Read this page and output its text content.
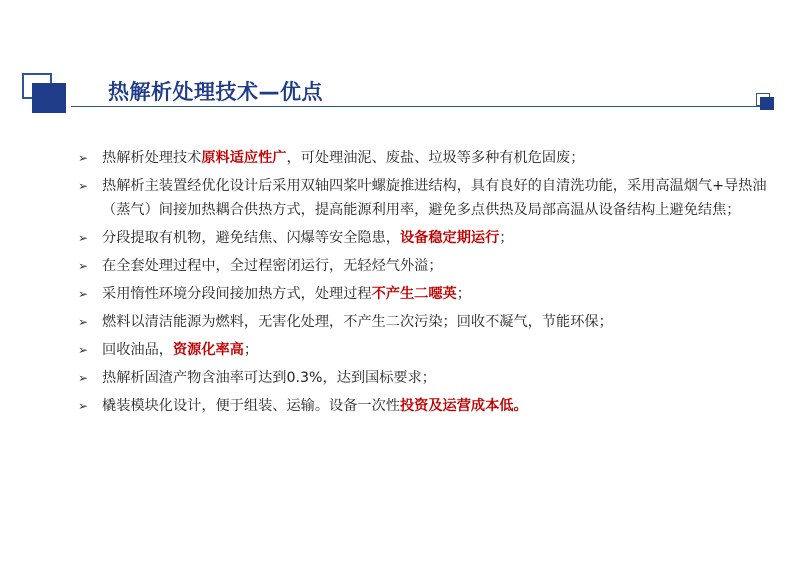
热解析处理技术—优点
➢ 热解析处理技术原料适应性广，可处理油泥、废盐、垃圾等多种有机危固废；
➢ 热解析主装置经优化设计后采用双轴四桨叶螺旋推进结构，具有良好的自清洗功能，采用高温烟气+导热油（蒸气）间接加热耦合供热方式，提高能源利用率，避免多点供热及局部高温从设备结构上避免结焦；
➢ 分段提取有机物，避免结焦、闪爆等安全隐患，设备稳定期运行；
➢ 在全套处理过程中，全过程密闭运行，无轻烃气外溢；
➢ 采用惰性环境分段间接加热方式，处理过程不产生二噁英；
➢ 燃料以清洁能源为燃料，无害化处理，不产生二次污染；回收不凝气，节能环保；
➢ 回收油品，资源化率高；
➢ 热解析固渣产物含油率可达到0.3%，达到国标要求；
➢ 橇装模块化设计，便于组装、运输。设备一次性投资及运营成本低。
